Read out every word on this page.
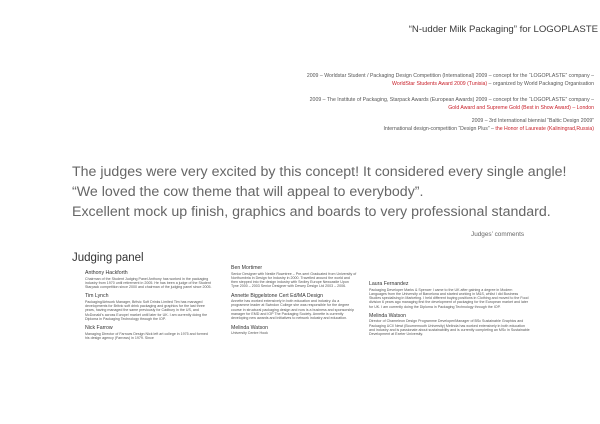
“N-udder Milk Packaging” for LOGOPLASTE
2009 – Worldstar Student / Packaging Design Competition (International) 2009 – concept for the “LOGOPLASTE” company –
WorldStar Students Award 2009 (Tunisia) – organized by World Packaging Organisation
2009 – The Institute of Packaging, Starpack Awards (European Awards) 2009 – concept for the “LOGOPLASTE” company –
Gold Award and Supreme Gold (Best in Show Award) – London
2009 – 3rd International biennial “Baltic Design 2009”
International design-competition “Design Plus” – the Honor of Laureate (Kaliningrad,Russia)
The judges were very excited by this concept! It considered every single angle!
“We loved the cow theme that will appeal to everybody”.
Excellent mock up finish, graphics and boards to very professional standard.
Judges’ comments
Judging panel
Anthony Hackforth
Chairman of the Student Judging Panel Anthony has worked in the packaging industry from 1970 until retirement in 2005. He has been a judge of the Student Starpack competition since 2000 and chairman of the judging panel since 2005.
Tim Lynch
Packaging/Artwork Manager, Britvic Soft Drinks Limited Tim has managed developments for Britvic soft drink packaging and graphics for the last three years, having managed the same previously for Cadbury in the US, and McDonald’s across Europe/ market until later for UK. I am currently doing the Diploma in Packaging Technology through the IOP.
Nick Farrow
Managing Director of Farrows Design Nick left art college in 1975 and formed his design agency (Farrows) in 1979. Since
Ben Mortimer
Senior Designer with Nestle Rowntree – Pre-sent Graduated from University of Northumbria in Design for Industry in 2000. Travelled around the world and then stepped into the design industry with Sedley Europe Newcastle Upon Tyne 2000 – 2003 Senior Designer with Dewey Design Ltd 2003 – 2006.
Annette Biggelstone Cert Ed/MA Design
Annette has worked extensively in both education and industry. As a programme leader at Swindon College she was responsible for the degree course in structural packaging design and now is a business and sponsorship manager for EMD and IOP The Packaging Society. Annette is currently developing new awards and initiatives to network industry and education.
Melinda Watson
University Centre Hook
Laura Fernandez
Packaging Developer Marks & Spencer I came to the UK after gaining a degree in Modern Languages from the University of Barcelona and started working in M&S, whilst I did Business Studies specialising in Marketing. I held different buying positions in Clothing and moved to the Food division 6 years ago managing first the development of packaging for the European market and later for UK. I am currently doing the Diploma in Packaging Technology through the IOP.
Melinda Watson
Director of Chameleon Design Programme Developer/Manager of BSc Sustainable Graphics and Packaging UCI/ Newt (Bournemouth University) Melinda has worked extensively in both education and industry and is passionate about sustainability and is currently completing an MSc in Sustainable Development at Exeter University.
